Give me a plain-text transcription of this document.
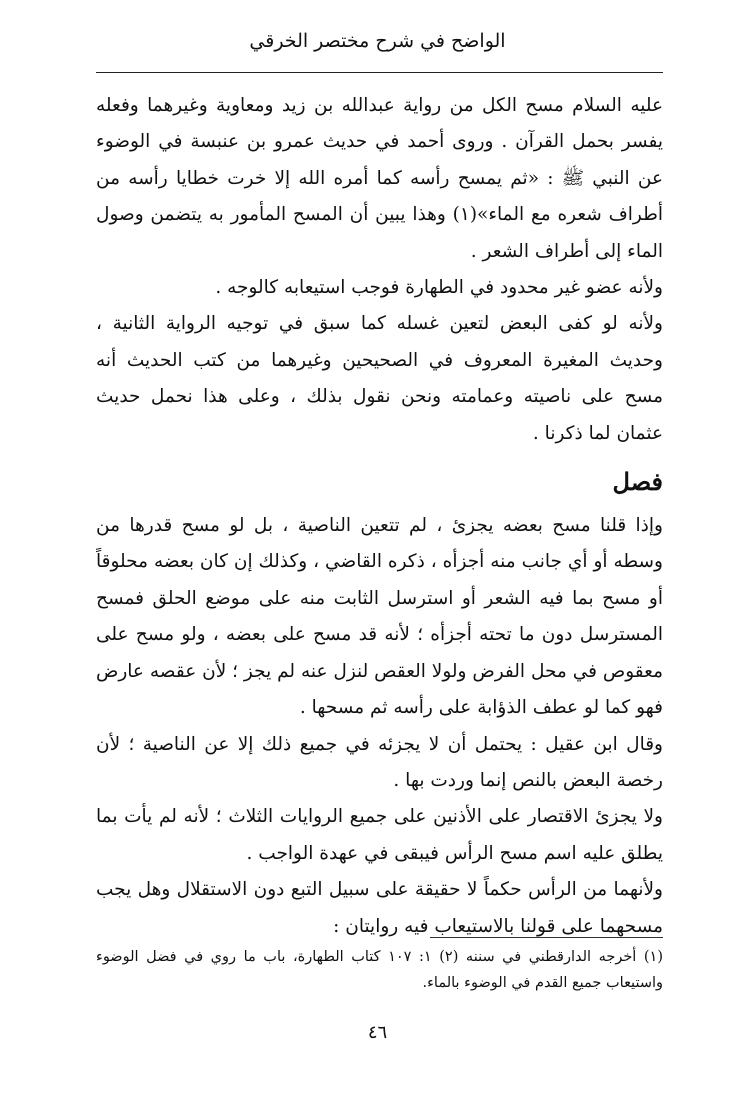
الواضح في شرح مختصر الخرقي

عليه السلام مسح الكل من رواية عبدالله بن زيد ومعاوية وغيرهما وفعله يفسر بحمل القرآن . وروى أحمد في حديث عمرو بن عنبسة في الوضوء عن النبي ﷺ : «ثم يمسح رأسه كما أمره الله إلا خرت خطايا رأسه من أطراف شعره مع الماء»(١) وهذا يبين أن المسح المأمور به يتضمن وصول الماء إلى أطراف الشعر .

ولأنه عضو غير محدود في الطهارة فوجب استيعابه كالوجه .

ولأنه لو كفى البعض لتعين غسله كما سبق في توجيه الرواية الثانية ، وحديث المغيرة المعروف في الصحيحين وغيرهما من كتب الحديث أنه مسح على ناصيته وعمامته ونحن نقول بذلك ، وعلى هذا نحمل حديث عثمان لما ذكرنا .

فصل

وإذا قلنا مسح بعضه يجزئ ، لم تتعين الناصية ، بل لو مسح قدرها من وسطه أو أي جانب منه أجزأه ، ذكره القاضي ، وكذلك إن كان بعضه محلوقاً أو مسح بما فيه الشعر أو استرسل الثابت منه على موضع الحلق فمسح المسترسل دون ما تحته أجزأه ؛ لأنه قد مسح على بعضه ، ولو مسح على معقوص في محل الفرض ولولا العقص لنزل عنه لم يجز ؛ لأن عقصه عارض فهو كما لو عطف الذؤابة على رأسه ثم مسحها .

وقال ابن عقيل : يحتمل أن لا يجزئه في جميع ذلك إلا عن الناصية ؛ لأن رخصة البعض بالنص إنما وردت بها .

ولا يجزئ الاقتصار على الأذنين على جميع الروايات الثلاث ؛ لأنه لم يأت بما يطلق عليه اسم مسح الرأس فيبقى في عهدة الواجب .

ولأنهما من الرأس حكماً لا حقيقة على سبيل التبع دون الاستقلال وهل يجب مسحهما على قولنا بالاستيعاب فيه روايتان :

(١) أخرجه الدارقطني في سننه (٢) ١: ١٠٧ كتاب الطهارة، باب ما روي في فضل الوضوء واستيعاب جميع القدم في الوضوء بالماء.

٤٦
